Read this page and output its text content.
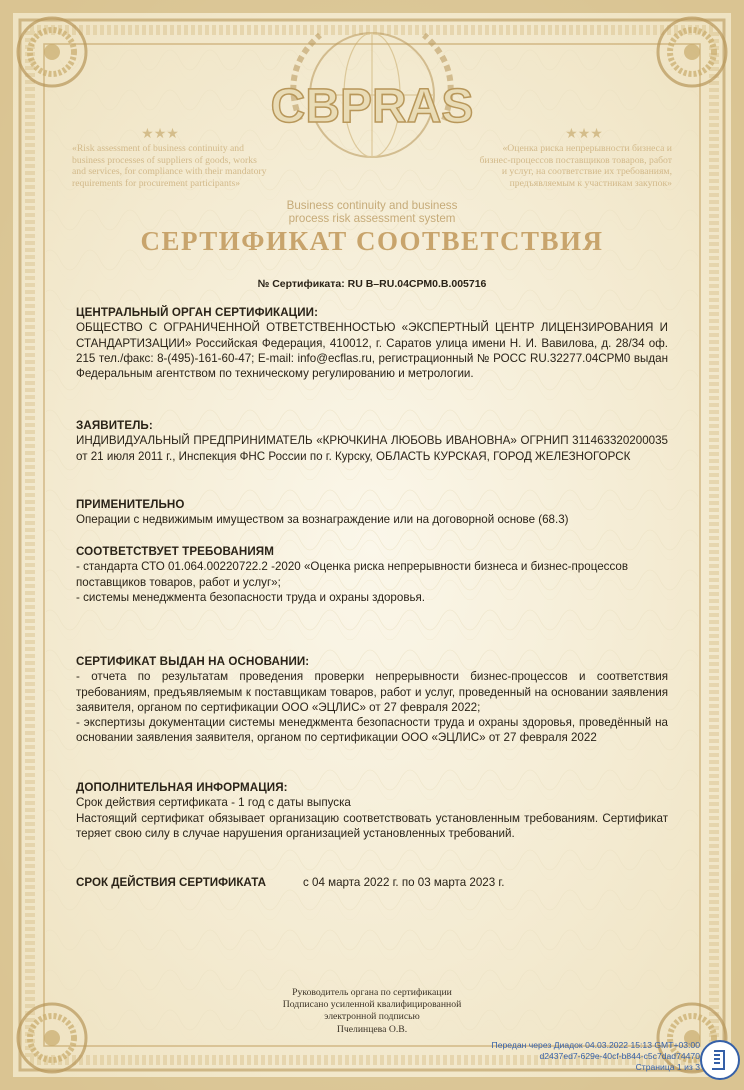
★★★	★★★
CBPRAS
«Risk assessment of business continuity and business processes of suppliers of goods, works and services, for compliance with their mandatory requirements for procurement participants»
«Оценка риска непрерывности бизнеса и бизнес-процессов поставщиков товаров, работ и услуг, на соответствие их требованиям, предъявляемым к участникам закупок»
Business continuity and business
process risk assessment system
СЕРТИФИКАТ СООТВЕТСТВИЯ
№ Сертификата: RU B–RU.04СРМ0.В.005716
ЦЕНТРАЛЬНЫЙ ОРГАН СЕРТИФИКАЦИИ:
ОБЩЕСТВО С ОГРАНИЧЕННОЙ ОТВЕТСТВЕННОСТЬЮ «ЭКСПЕРТНЫЙ ЦЕНТР ЛИЦЕНЗИРОВАНИЯ И СТАНДАРТИЗАЦИИ» Российская Федерация, 410012, г. Саратов улица имени Н. И. Вавилова, д. 28/34 оф. 215 тел./факс: 8-(495)-161-60-47; E-mail: info@ecflas.ru, регистрационный № РОСС RU.32277.04СРМ0 выдан Федеральным агентством по техническому регулированию и метрологии.
ЗАЯВИТЕЛЬ:
ИНДИВИДУАЛЬНЫЙ ПРЕДПРИНИМАТЕЛЬ «КРЮЧКИНА ЛЮБОВЬ ИВАНОВНА» ОГРНИП 311463320200035 от 21 июля 2011 г., Инспекция ФНС России по г. Курску, ОБЛАСТЬ КУРСКАЯ, ГОРОД ЖЕЛЕЗНОГОРСК
ПРИМЕНИТЕЛЬНО
Операции с недвижимым имуществом за вознаграждение или на договорной основе (68.3)
СООТВЕТСТВУЕТ ТРЕБОВАНИЯМ
- стандарта СТО 01.064.00220722.2 -2020 «Оценка риска непрерывности бизнеса и бизнес-процессов поставщиков товаров, работ и услуг»;
- системы менеджмента безопасности труда и охраны здоровья.
СЕРТИФИКАТ ВЫДАН НА ОСНОВАНИИ:
- отчета по результатам проведения проверки непрерывности бизнес-процессов и соответствия требованиям, предъявляемым к поставщикам товаров, работ и услуг, проведенный на основании заявления заявителя, органом по сертификации ООО «ЭЦЛИС» от 27 февраля 2022;
- экспертизы документации системы менеджмента безопасности труда и охраны здоровья, проведённый на основании заявления заявителя, органом по сертификации ООО «ЭЦЛИС» от 27 февраля 2022
ДОПОЛНИТЕЛЬНАЯ ИНФОРМАЦИЯ:
Срок действия сертификата - 1 год с даты выпуска
Настоящий сертификат обязывает организацию соответствовать установленным требованиям. Сертификат теряет свою силу в случае нарушения организацией установленных требований.
СРОК ДЕЙСТВИЯ СЕРТИФИКАТА	с 04 марта 2022 г. по 03 марта 2023 г.
Руководитель органа по сертификации
Подписано усиленной квалифицированной
электронной подписью
Пчелинцева О.В.
Передан через Диадок 04.03.2022 15:13 GMT+03:00
d2437ed7-629e-40cf-b844-c5c7dad74470
Страница 1 из 3
